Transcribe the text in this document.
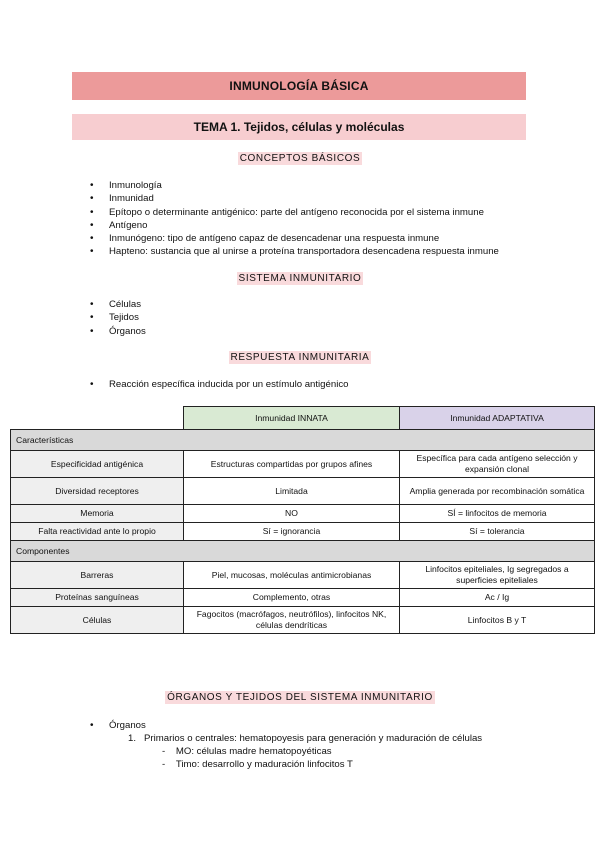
INMUNOLOGÍA BÁSICA
TEMA 1. Tejidos, células y moléculas
CONCEPTOS BÁSICOS
• Inmunología
• Inmunidad
• Epítopo o determinante antigénico: parte del antígeno reconocida por el sistema inmune
• Antígeno
• Inmunógeno: tipo de antígeno capaz de desencadenar una respuesta inmune
• Hapteno: sustancia que al unirse a proteína transportadora desencadena respuesta inmune
SISTEMA INMUNITARIO
• Células
• Tejidos
• Órganos
RESPUESTA INMUNITARIA
• Reacción específica inducida por un estímulo antigénico
	Inmunidad INNATA	Inmunidad ADAPTATIVA
Características		
Especificidad antigénica	Estructuras compartidas por grupos afines	Específica para cada antígeno selección y expansión clonal
Diversidad receptores	Limitada	Amplia generada por recombinación somática
Memoria	NO	SÍ = linfocitos de memoria
Falta reactividad ante lo propio	Sí = ignorancia	Sí = tolerancia
Componentes		
Barreras	Piel, mucosas, moléculas antimicrobianas	Linfocitos epiteliales, Ig segregados a superficies epiteliales
Proteínas sanguíneas	Complemento, otras	Ac / Ig
Células	Fagocitos (macrófagos, neutrófilos), linfocitos NK, células dendríticas	Linfocitos B y T
ÓRGANOS Y TEJIDOS DEL SISTEMA INMUNITARIO
• Órganos
1. Primarios o centrales: hematopoyesis para generación y maduración de células
- MO: células madre hematopoyéticas
- Timo: desarrollo y maduración linfocitos T
